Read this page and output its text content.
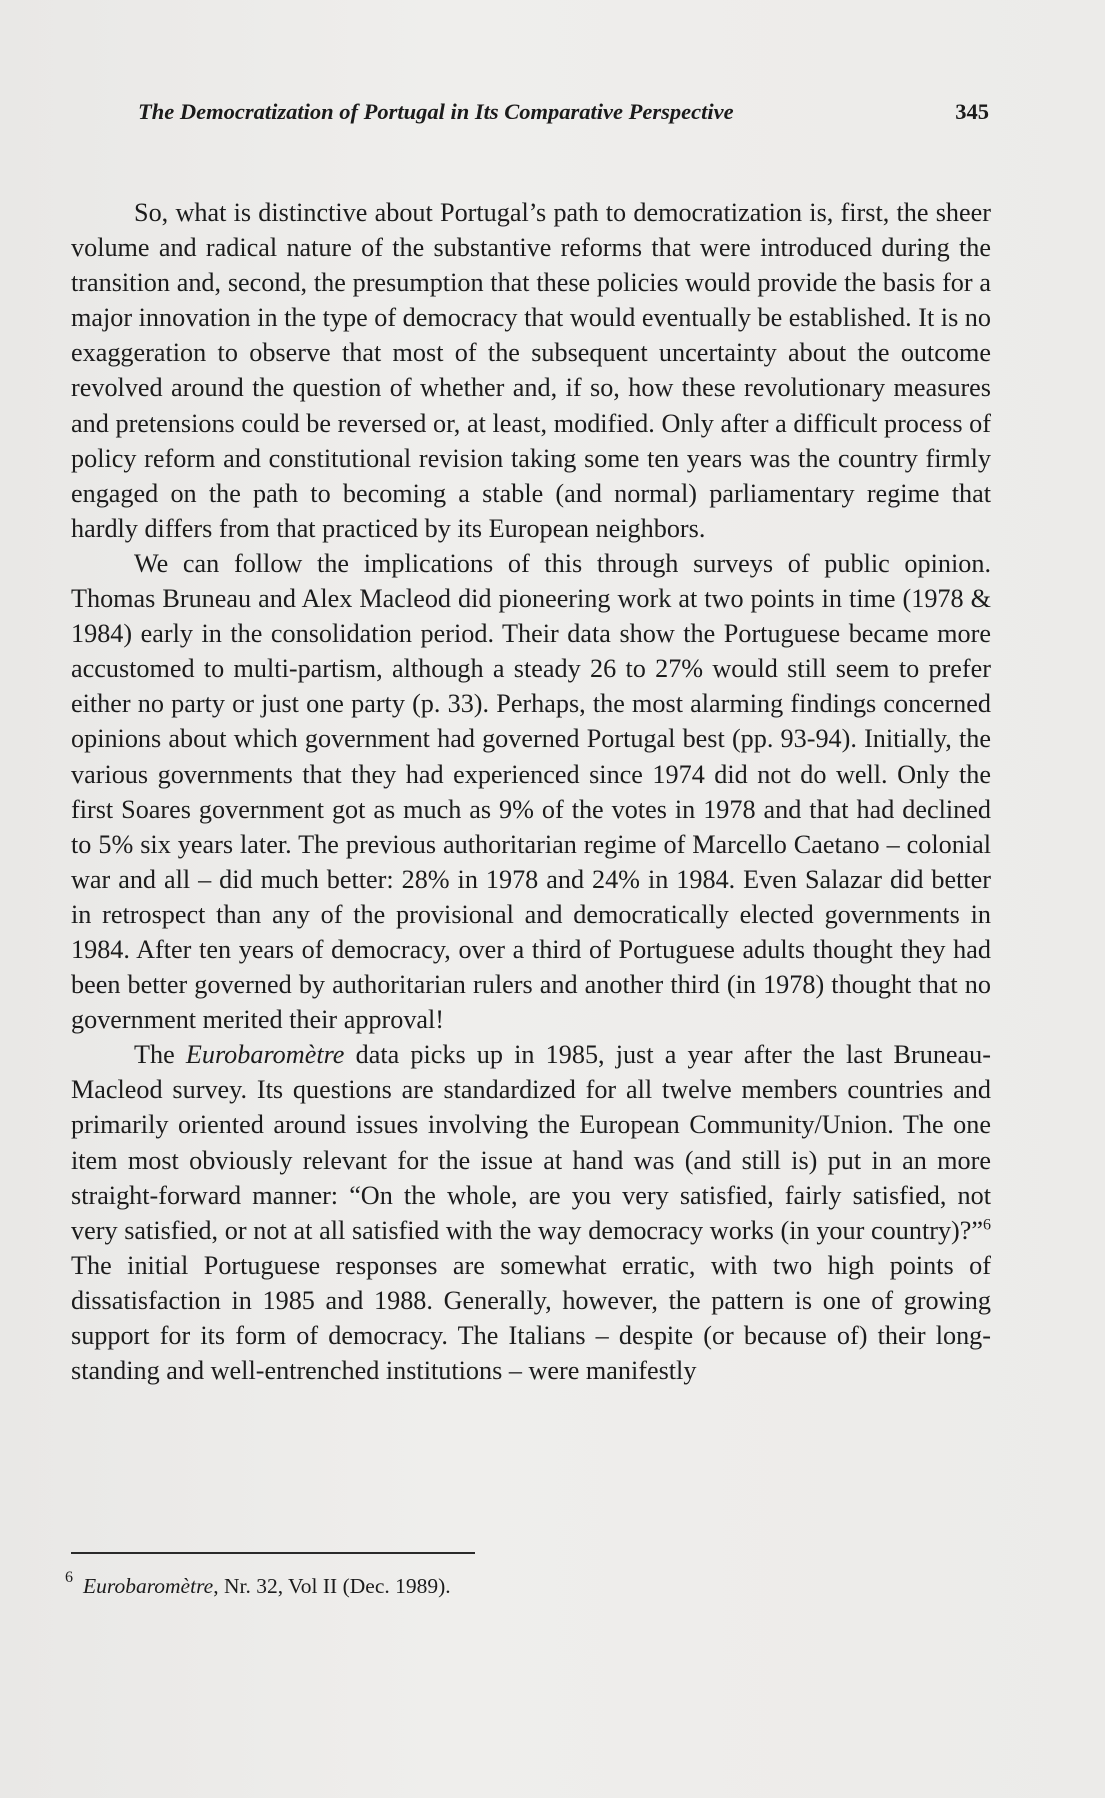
The Democratization of Portugal in Its Comparative Perspective	345

So, what is distinctive about Portugal’s path to democratization is, first, the sheer volume and radical nature of the substantive reforms that were introduced during the transition and, second, the presumption that these policies would provide the basis for a major innovation in the type of democracy that would eventually be established. It is no exaggeration to observe that most of the subsequent uncertainty about the outcome revolved around the question of whether and, if so, how these revolutionary measures and pretensions could be reversed or, at least, modified. Only after a difficult process of policy reform and constitutional revision taking some ten years was the country firmly engaged on the path to becoming a stable (and normal) parliamentary regime that hardly differs from that practiced by its European neighbors.

We can follow the implications of this through surveys of public opinion. Thomas Bruneau and Alex Macleod did pioneering work at two points in time (1978 & 1984) early in the consolidation period. Their data show the Portuguese became more accustomed to multi-partism, although a steady 26 to 27% would still seem to prefer either no party or just one party (p. 33). Perhaps, the most alarming findings concerned opinions about which government had governed Portugal best (pp. 93-94). Initially, the various governments that they had experienced since 1974 did not do well. Only the first Soares government got as much as 9% of the votes in 1978 and that had declined to 5% six years later. The previous authoritarian regime of Marcello Caetano – colonial war and all – did much better: 28% in 1978 and 24% in 1984. Even Salazar did better in retrospect than any of the provisional and democratically elected governments in 1984. After ten years of democracy, over a third of Portuguese adults thought they had been better governed by authoritarian rulers and another third (in 1978) thought that no government merited their approval!

The Eurobaromètre data picks up in 1985, just a year after the last Bruneau-Macleod survey. Its questions are standardized for all twelve members countries and primarily oriented around issues involving the European Community/Union. The one item most obviously relevant for the issue at hand was (and still is) put in an more straight-forward manner: “On the whole, are you very satisfied, fairly satisfied, not very satisfied, or not at all satisfied with the way democracy works (in your country)?”$^6$ The initial Portuguese responses are somewhat erratic, with two high points of dissatisfaction in 1985 and 1988. Generally, however, the pattern is one of growing support for its form of democracy. The Italians – despite (or because of) their long-standing and well-entrenched institutions – were manifestly

$^6$ Eurobaromètre, Nr. 32, Vol II (Dec. 1989).
